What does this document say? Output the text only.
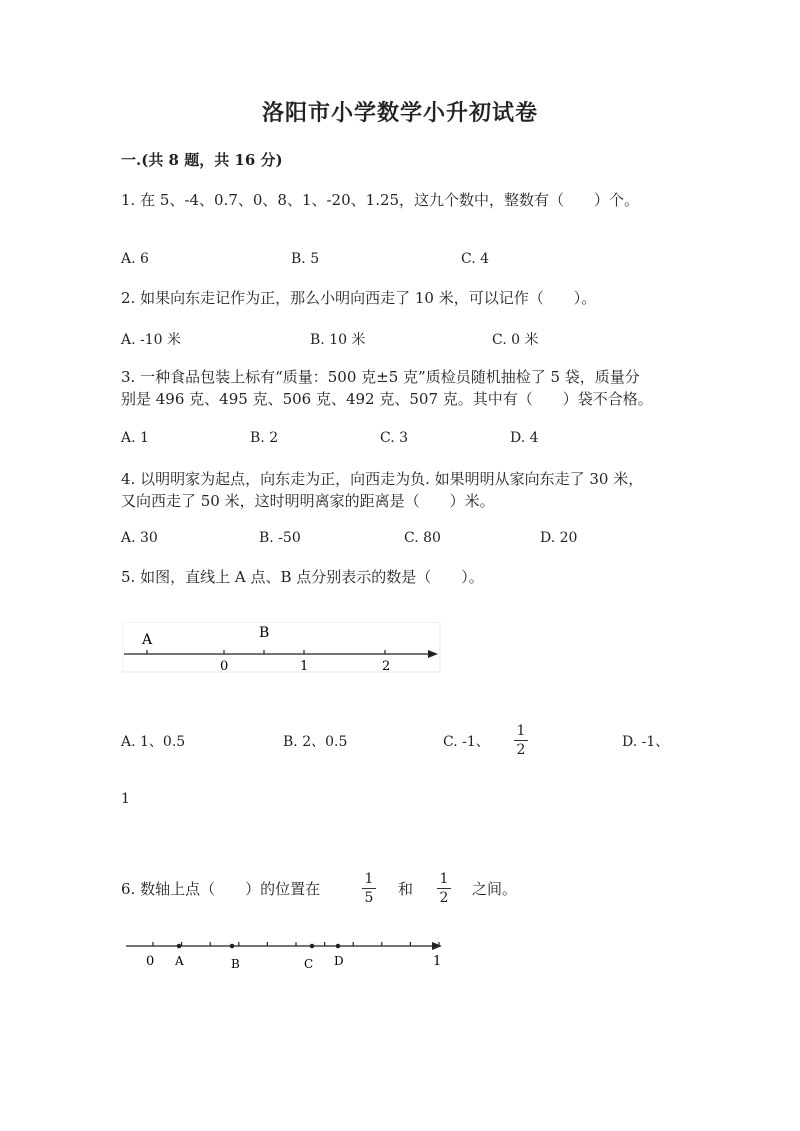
洛阳市小学数学小升初试卷
一.(共 8 题，共 16 分)
1. 在 5、-4、0.7、0、8、1、-20、1.25，这九个数中，整数有（　　）个。
A. 6	B. 5	C. 4
2. 如果向东走记作为正，那么小明向西走了 10 米，可以记作（　　）。
A. -10 米	B. 10 米	C. 0 米
3. 一种食品包装上标有“质量：500 克±5 克”质检员随机抽检了 5 袋，质量分
别是 496 克、495 克、506 克、492 克、507 克。其中有（　　）袋不合格。
A. 1	B. 2	C. 3	D. 4
4. 以明明家为起点，向东走为正，向西走为负. 如果明明从家向东走了 30 米，
又向西走了 50 米，这时明明离家的距离是（　　）米。
A. 30	B. -50	C. 80	D. 20
5. 如图，直线上 A 点、B 点分别表示的数是（　　）。
A	B
0	1	2
A. 1、0.5	B. 2、0.5	C. -1、
1
2	D. -1、
1
6. 数轴上点（　　）的位置在
1
5 和
1
2 之间。
0 A	B	C D	1
